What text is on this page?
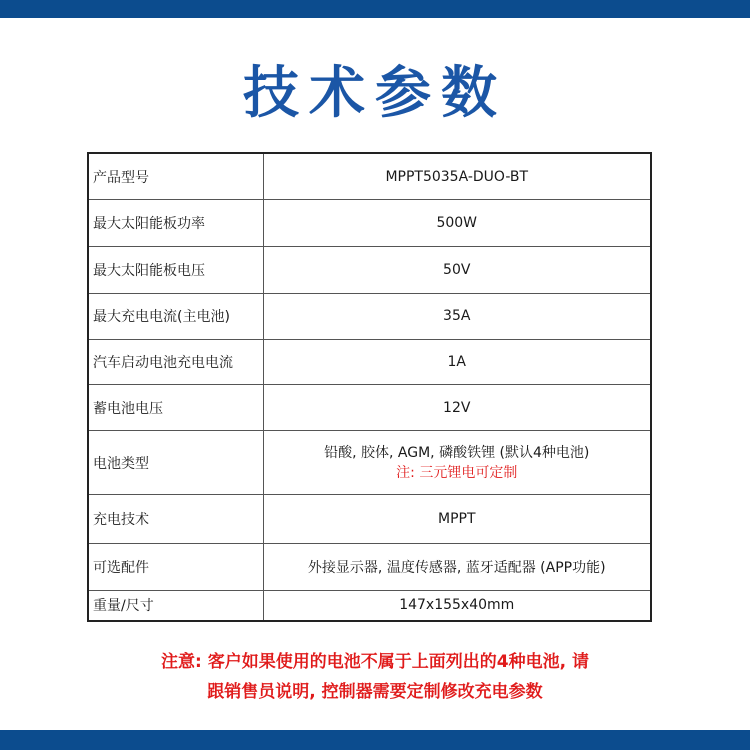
技术参数
产品型号	MPPT5035A-DUO-BT
最大太阳能板功率	500W
最大太阳能板电压	50V
最大充电电流(主电池)	35A
汽车启动电池充电电流	1A
蓄电池电压	12V
电池类型	铅酸, 胶体, AGM, 磷酸铁锂 (默认4种电池)
注: 三元锂电可定制

充电技术	MPPT
可选配件	外接显示器, 温度传感器, 蓝牙适配器 (APP功能)
重量/尺寸	147x155x40mm
注意: 客户如果使用的电池不属于上面列出的4种电池, 请
跟销售员说明, 控制器需要定制修改充电参数
